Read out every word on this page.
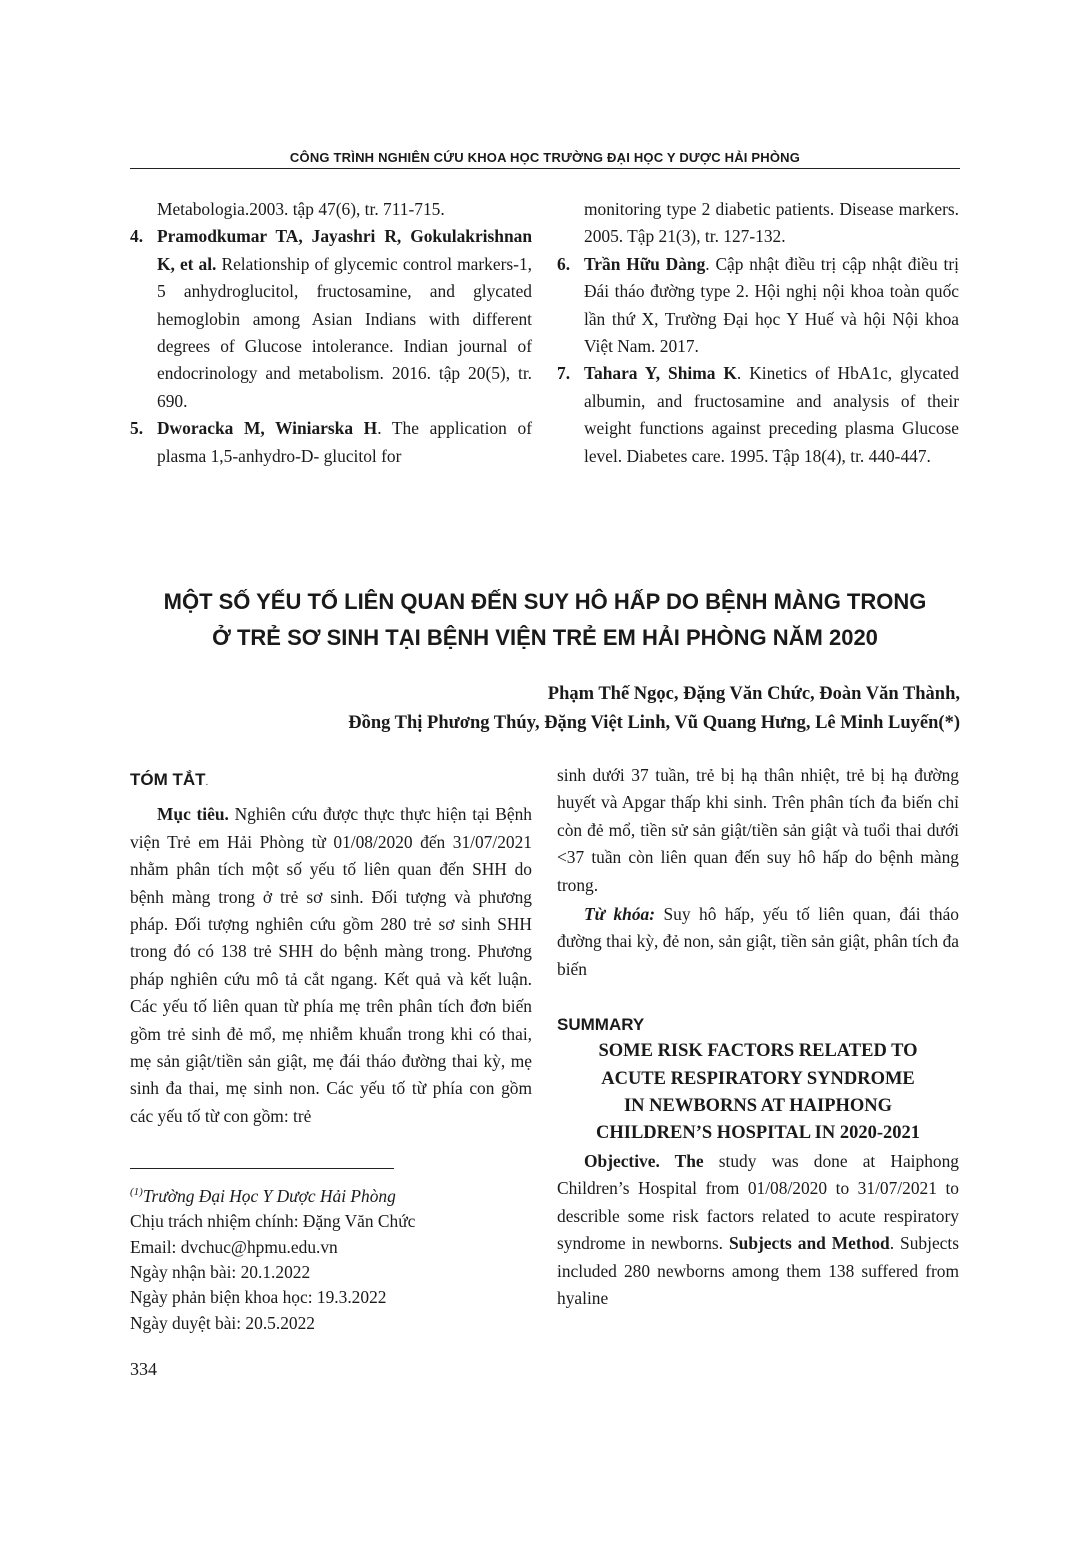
CÔNG TRÌNH NGHIÊN CỨU KHOA HỌC TRƯỜNG ĐẠI HỌC Y DƯỢC HẢI PHÒNG

Metabologia.2003. tập 47(6), tr. 711-715.

4. Pramodkumar TA, Jayashri R, Gokulakrishnan K, et al. Relationship of glycemic control markers-1, 5 anhydroglucitol, fructosamine, and glycated hemoglobin among Asian Indians with different degrees of Glucose intolerance. Indian journal of endocrinology and metabolism. 2016. tập 20(5), tr. 690.

5. Dworacka M, Winiarska H. The application of plasma 1,5-anhydro-D- glucitol for

monitoring type 2 diabetic patients. Disease markers. 2005. Tập 21(3), tr. 127-132.

6. Trần Hữu Dàng. Cập nhật điều trị cập nhật điều trị Đái tháo đường type 2. Hội nghị nội khoa toàn quốc lần thứ X, Trường Đại học Y Huế và hội Nội khoa Việt Nam. 2017.

7. Tahara Y, Shima K. Kinetics of HbA1c, glycated albumin, and fructosamine and analysis of their weight functions against preceding plasma Glucose level. Diabetes care. 1995. Tập 18(4), tr. 440-447.

MỘT SỐ YẾU TỐ LIÊN QUAN ĐẾN SUY HÔ HẤP DO BỆNH MÀNG TRONG
Ở TRẺ SƠ SINH TẠI BỆNH VIỆN TRẺ EM HẢI PHÒNG NĂM 2020
Phạm Thế Ngọc, Đặng Văn Chức, Đoàn Văn Thành,
Đồng Thị Phương Thúy, Đặng Việt Linh, Vũ Quang Hưng, Lê Minh Luyến(*)
TÓM TẮT.

Mục tiêu. Nghiên cứu được thực thực hiện tại Bệnh viện Trẻ em Hải Phòng từ 01/08/2020 đến 31/07/2021 nhằm phân tích một số yếu tố liên quan đến SHH do bệnh màng trong ở trẻ sơ sinh. Đối tượng và phương pháp. Đối tượng nghiên cứu gồm 280 trẻ sơ sinh SHH trong đó có 138 trẻ SHH do bệnh màng trong. Phương pháp nghiên cứu mô tả cắt ngang. Kết quả và kết luận. Các yếu tố liên quan từ phía mẹ trên phân tích đơn biến gồm trẻ sinh đẻ mổ, mẹ nhiễm khuẩn trong khi có thai, mẹ sản giật/tiền sản giật, mẹ đái tháo đường thai kỳ, mẹ sinh đa thai, mẹ sinh non. Các yếu tố từ phía con gồm các yếu tố từ con gồm: trẻ

sinh dưới 37 tuần, trẻ bị hạ thân nhiệt, trẻ bị hạ đường huyết và Apgar thấp khi sinh. Trên phân tích đa biến chỉ còn đẻ mổ, tiền sử sản giật/tiền sản giật và tuổi thai dưới <37 tuần còn liên quan đến suy hô hấp do bệnh màng trong.

Từ khóa: Suy hô hấp, yếu tố liên quan, đái tháo đường thai kỳ, đẻ non, sản giật, tiền sản giật, phân tích đa biến

SUMMARY

SOME RISK FACTORS RELATED TO

ACUTE RESPIRATORY SYNDROME

IN NEWBORNS AT HAIPHONG

CHILDREN’S HOSPITAL IN 2020-2021

Objective. The study was done at Haiphong Children’s Hospital from 01/08/2020 to 31/07/2021 to describle some risk factors related to acute respiratory syndrome in newborns. Subjects and Method. Subjects included 280 newborns among them 138 suffered from hyaline

$^{(1)}$Trường Đại Học Y Dược Hải Phòng
Chịu trách nhiệm chính: Đặng Văn Chức
Email: dvchuc@hpmu.edu.vn
Ngày nhận bài: 20.1.2022
Ngày phản biện khoa học: 19.3.2022
Ngày duyệt bài: 20.5.2022
334
